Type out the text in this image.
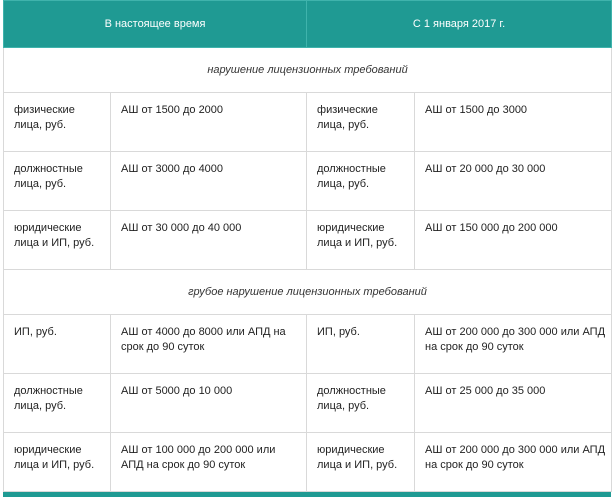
В настоящее время		С 1 января 2017 г.	
нарушение лицензионных требований			

физические лица, руб.	АШ от 1500 до 2000	физические лица, руб.	АШ от 1500 до 3000

должностные лица, руб.	АШ от 3000 до 4000	должностные лица, руб.	АШ от 20 000 до 30 000

юридические лица и ИП, руб.	АШ от 30 000 до 40 000	юридические лица и ИП, руб.	АШ от 150 000 до 200 000

грубое нарушение лицензионных требований			

ИП, руб.	АШ от 4000 до 8000 или АПД на срок до 90 суток	ИП, руб.	АШ от 200 000 до 300 000 или АПД на срок до 90 суток

должностные лица, руб.	АШ от 5000 до 10 000	должностные лица, руб.	АШ от 25 000 до 35 000

юридические лица и ИП, руб.	АШ от 100 000 до 200 000 или АПД на срок до 90 суток	юридические лица и ИП, руб.	АШ от 200 000 до 300 000 или АПД на срок до 90 суток
